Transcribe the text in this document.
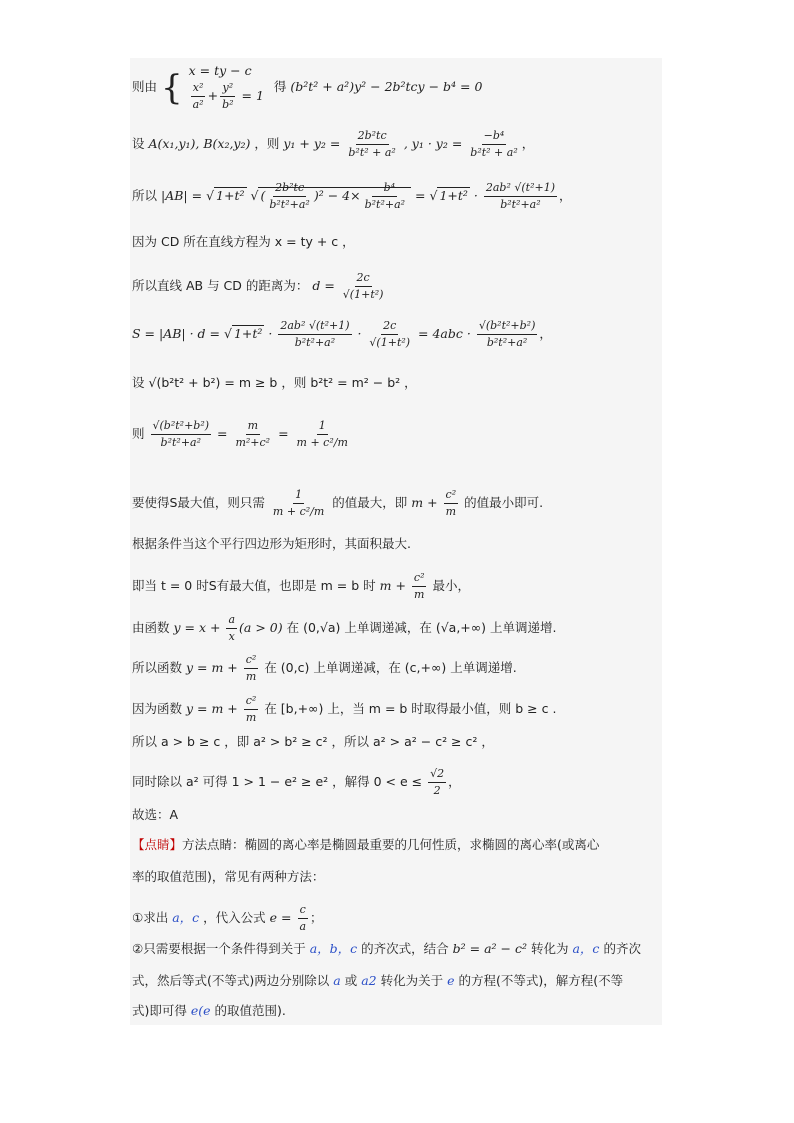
则由 { x = ty − c
$\frac{\text{x²}}{\text{a²}} + \frac{\text{y²}}{\text{b²}} = 1$
得 (b²t² + a²)y² − 2b²tcy − b⁴ = 0
设 A(x₁,y₁), B(x₂,y₂) ，则 $y_1 + y_2 = \frac{\text{2b²tc}}{\text{b²t² + a²}}$ , $y_1 \cdot y_2 = \frac{\text{−b⁴}}{\text{b²t² + a²}}$ ，
所以 |AB| = √ 1+t² √ ( $\frac{\text{2b²tc}}{\text{b²t²+a²}} )^2 - 4\times \frac{\text{−b⁴}}{\text{b²t²+a²}}$ = √ $1+t^2 \cdot \frac{\text{2ab² √(t²+1)}}{\text{b²t²+a²}}$ ，
因为 CD 所在直线方程为 x = ty + c ，
所以直线 AB 与 CD 的距离为： $d = \frac{2c}{\text{√(1+t²)}}$
S = |AB| · d = √ $1+t^2 \cdot \frac{\text{2ab² √(t²+1)}}{\text{b²t²+a²}} \cdot \frac{2c}{\text{√(1+t²)}} = 4abc \cdot \frac{\text{√(b²t²+b²)}}{\text{b²t²+a²}}$ ，
设 √(b²t² + b²) = m ≥ b ，则 b²t² = m² − b² ，
则 $\frac{\text{√(b²t²+b²)}}{\text{b²t²+a²}} = \frac{m}{\text{m²+c²}} = \frac{1}{\text{m + c²/m}}$
要使得S最大值，则只需 $\frac{1}{\text{m + c²/m}}$ 的值最大，即 $m + \frac{\text{c²}}{m}$ 的值最小即可.
根据条件当这个平行四边形为矩形时，其面积最大.
即当 t = 0 时S有最大值，也即是 m = b 时 $m + \frac{\text{c²}}{m}$ 最小，
由函数 $y = x + \frac{a}{x} (a > 0)$ 在 (0,√a) 上单调递减，在 (√a,+∞) 上单调递增.
所以函数 $y = m + \frac{\text{c²}}{m}$ 在 (0,c) 上单调递减，在 (c,+∞) 上单调递增.
因为函数 $y = m + \frac{\text{c²}}{m}$ 在 [b,+∞) 上，当 m = b 时取得最小值，则 b ≥ c .
所以 a > b ≥ c ，即 a² > b² ≥ c² ，所以 a² > a² − c² ≥ c² ，
同时除以 a² 可得 1 > 1 − e² ≥ e² ，解得 $0 < e \le \frac{√2}{2}$ ，
故选：A
【点睛】方法点睛：椭圆的离心率是椭圆最重要的几何性质，求椭圆的离心率(或离心
率的取值范围)，常见有两种方法：
①求出 a，c ，代入公式 $e = \frac{c}{a}$ ；
②只需要根据一个条件得到关于 a，b，c 的齐次式，结合 b² = a² − c² 转化为 a，c 的齐次
式，然后等式(不等式)两边分别除以 a 或 a2 转化为关于 e 的方程(不等式)，解方程(不等
式)即可得 e(e 的取值范围).
